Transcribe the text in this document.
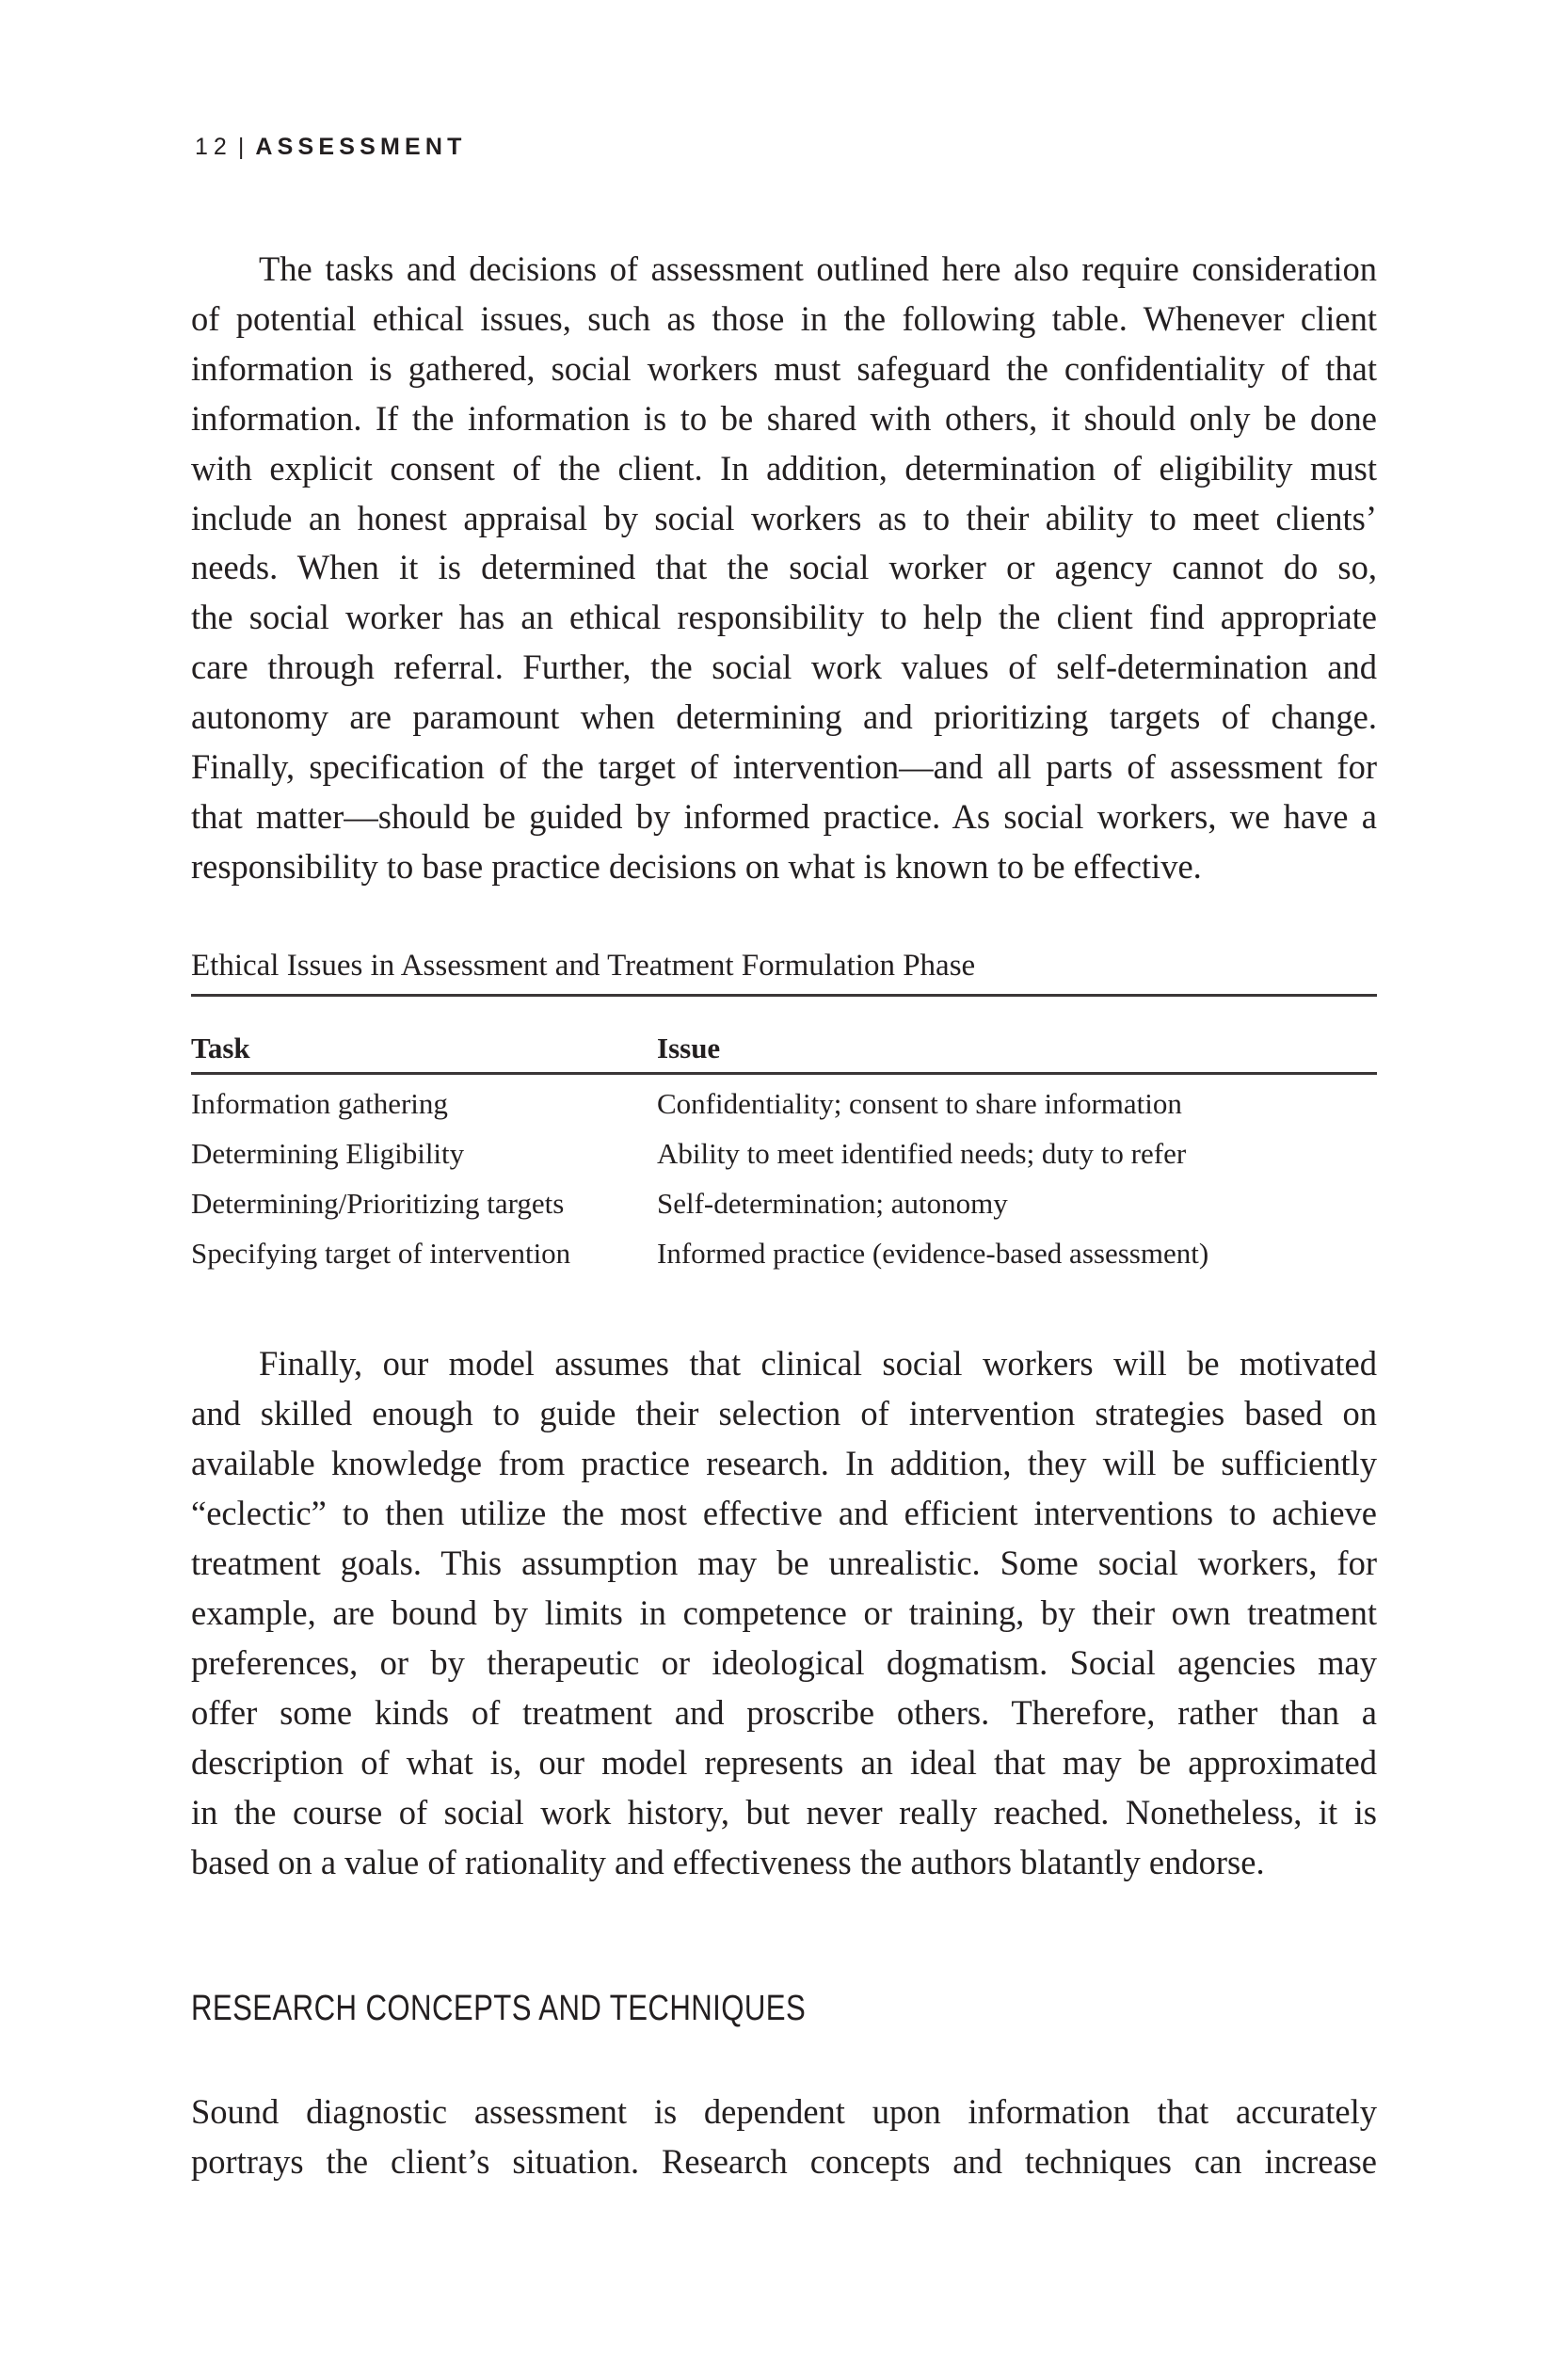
12 | ASSESSMENT
The tasks and decisions of assessment outlined here also require consideration
of potential ethical issues, such as those in the following table. Whenever client
information is gathered, social workers must safeguard the confidentiality of that
information. If the information is to be shared with others, it should only be done
with explicit consent of the client. In addition, determination of eligibility must
include an honest appraisal by social workers as to their ability to meet clients’
needs. When it is determined that the social worker or agency cannot do so,
the social worker has an ethical responsibility to help the client find appropriate
care through referral. Further, the social work values of self-determination and
autonomy are paramount when determining and prioritizing targets of change.
Finally, specification of the target of intervention—and all parts of assessment for
that matter—should be guided by informed practice. As social workers, we have a
responsibility to base practice decisions on what is known to be effective.
Ethical Issues in Assessment and Treatment Formulation Phase
Task	Issue
Information gathering	Confidentiality; consent to share information
Determining Eligibility	Ability to meet identified needs; duty to refer
Determining/Prioritizing targets	Self-determination; autonomy
Specifying target of intervention	Informed practice (evidence-based assessment)
Finally, our model assumes that clinical social workers will be motivated
and skilled enough to guide their selection of intervention strategies based on
available knowledge from practice research. In addition, they will be sufficiently
“eclectic” to then utilize the most effective and efficient interventions to achieve
treatment goals. This assumption may be unrealistic. Some social workers, for
example, are bound by limits in competence or training, by their own treatment
preferences, or by therapeutic or ideological dogmatism. Social agencies may
offer some kinds of treatment and proscribe others. Therefore, rather than a
description of what is, our model represents an ideal that may be approximated
in the course of social work history, but never really reached. Nonetheless, it is
based on a value of rationality and effectiveness the authors blatantly endorse.
RESEARCH CONCEPTS AND TECHNIQUES
Sound diagnostic assessment is dependent upon information that accurately
portrays the client’s situation. Research concepts and techniques can increase
